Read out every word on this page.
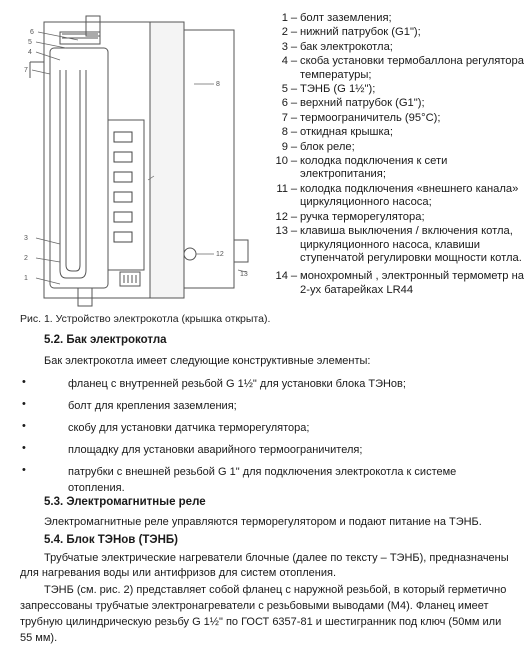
6
5
4
7
8
3
2
1
12
13
Рис. 1. Устройство электрокотла (крышка открыта).
1 – болт заземления;
2 – нижний патрубок (G1");
3 – бак электрокотла;
4 – скоба установки термобаллона регулятора температуры;
5 – ТЭНБ (G 1½");
6 – верхний патрубок (G1");
7 – термоограничитель (95°С);
8 – откидная крышка;
9 – блок реле;
10 – колодка подключения к сети электропитания;
11 – колодка подключения «внешнего канала» циркуляционного насоса;
12 – ручка терморегулятора;
13 – клавиша выключения / включения котла, циркуляционного насоса, клавиши ступенчатой регулировки мощности котла.
14 – монохромный , электронный термометр на 2-ух батарейках LR44
5.2. Бак электрокотла
Бак электрокотла имеет следующие конструктивные элементы:
•	фланец с внутренней резьбой G 1½" для установки блока ТЭНов;
•	болт для крепления заземления;
•	скобу для установки датчика терморегулятора;
•	площадку для установки аварийного термоограничителя;
•	патрубки с внешней резьбой G 1" для подключения электрокотла к системе отопления.
5.3. Электромагнитные реле
Электромагнитные реле управляются терморегулятором и подают питание на ТЭНБ.
5.4. Блок ТЭНов (ТЭНБ)
Трубчатые электрические нагреватели блочные (далее по тексту – ТЭНБ), предназначены
для нагревания воды или антифризов для систем отопления.
ТЭНБ (см. рис. 2) представляет собой фланец с наружной резьбой, в который герметично
запрессованы трубчатые электронагреватели с резьбовыми выводами (М4). Фланец имеет
трубную цилиндрическую резьбу G 1½" по ГОСТ 6357-81 и шестигранник под ключ (50мм или
55 мм).
